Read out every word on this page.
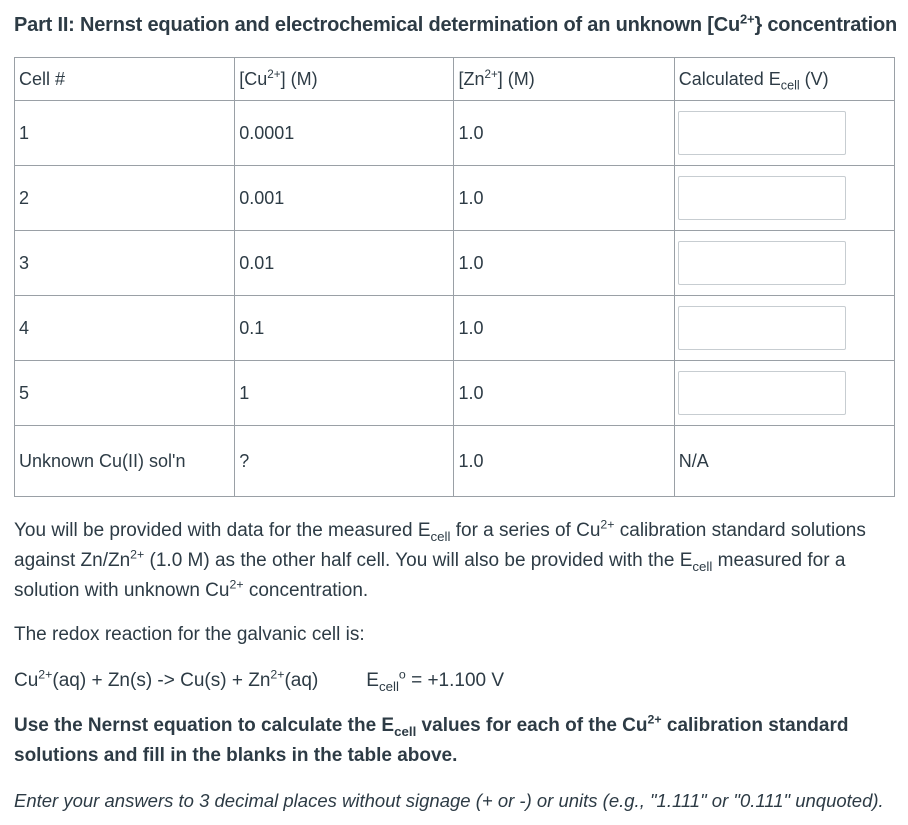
Part II: Nernst equation and electrochemical determination of an unknown $[Cu^{2+}\}$ concentration
Cell #	$[Cu^{2+}]$ (M)	$[Zn^{2+}]$ (M)	Calculated $E_{cell}$ (V)
1	0.0001	1.0	

2	0.001	1.0	

3	0.01	1.0	

4	0.1	1.0	

5	1	1.0	

Unknown Cu(II) sol'n	?	1.0	N/A
You will be provided with data for the measured $E_{cell}$ for a series of $Cu^{2+}$ calibration standard solutions against $Zn/Zn^{2+}$ (1.0 M) as the other half cell. You will also be provided with the $E_{cell}$ measured for a solution with unknown $Cu^{2+}$ concentration.
The redox reaction for the galvanic cell is:
$Cu^{2+}(aq) + Zn(s) -> Cu(s) + Zn^{2+}(aq)$	$E_{cell}^o = +1.100$ V
Use the Nernst equation to calculate the $E_{cell}$ values for each of the $Cu^{2+}$ calibration standard solutions and fill in the blanks in the table above.
Enter your answers to 3 decimal places without signage (+ or -) or units (e.g., "1.111" or "0.111" unquoted).
